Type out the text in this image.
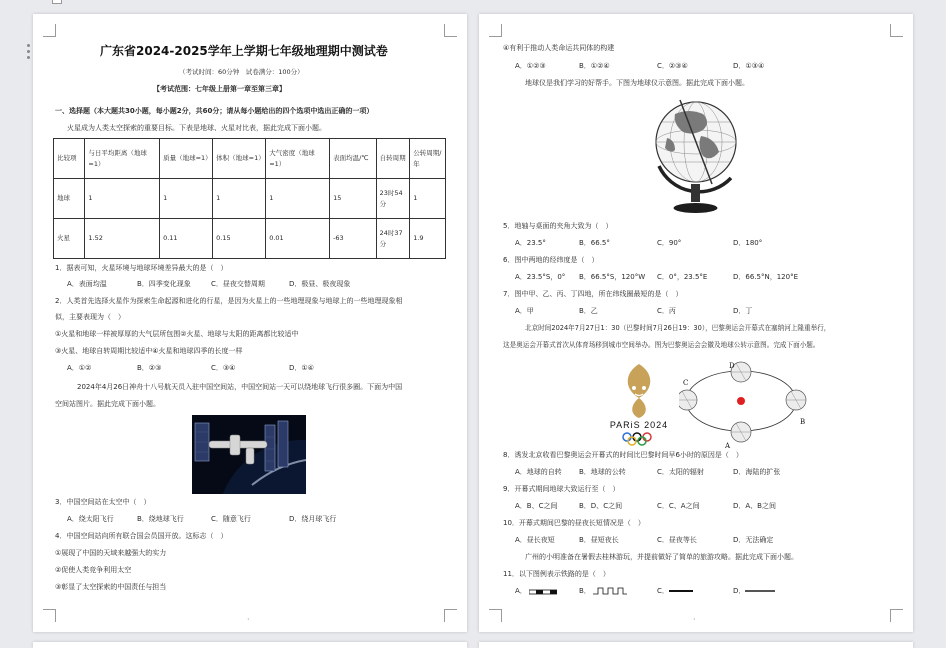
广东省2024-2025学年上学期七年级地理期中测试卷
（考试时间：60分钟　试卷满分：100分）
【考试范围：七年级上册第一章至第三章】
一、选择题（本大题共30小题，每小题2分，共60分；请从每小题给出的四个选项中选出正确的一项）
火星成为人类太空探索的重要目标。下表是地球、火星对比表，据此完成下面小题。
比较项	与日平均距离（地球=1）	质量（地球=1）	体积（地球=1）	大气密度（地球=1）	表面均温/℃	自转周期	公转周期/年
地球	1	1	1	1	15	23时54分	1
火星	1.52	0.11	0.15	0.01	-63	24时37分	1.9
1．据表可知，火星环境与地球环境差异最大的是（　）
A．表面均温	B．四季变化现象	C．昼夜交替周期	D．极昼、极夜现象
2．人类首先选择火星作为探索生命起源和进化的行星，是因为火星上的一些地理现象与地球上的一些地理现象相
似，主要表现为（　）
①火星和地球一样被厚厚的大气层所包围②火星、地球与太阳的距离都比较适中
③火星、地球自转周期比较适中④火星和地球四季的长度一样
A．①②	B．②③	C．③④	D．①④
2024年4月26日神舟十八号航天员入驻中国空间站，中国空间站一天可以绕地球飞行很多圈。下面为中国
空间站图片。据此完成下面小题。
3．中国空间站在太空中（　）
A．绕太阳飞行	B．绕地球飞行	C．随意飞行	D．绕月球飞行
4．中国空间站向所有联合国会员国开放。这标志（　）
①展现了中国的天域来越强大的实力
②促使人类竞争利用太空
③彰显了太空探索的中国责任与担当
·
④有利于推动人类命运共同体的构建
A．①②③	B．①②④	C．②③④	D．①③④
地球仪是我们学习的好帮手。下图为地球仪示意图。据此完成下面小题。
5．地轴与桌面的夹角大致为（　）
A．23.5°	B．66.5°	C．90°	D．180°
6．图中两地的经纬度是（　）
A．23.5°S，0° B．66.5°S，120°W C．0°，23.5°E	D．66.5°N，120°E
7．图中甲、乙、丙、丁四地，所在纬线圈最短的是（　）
A．甲	B．乙	C．丙	D．丁
北京时间2024年7月27日1：30（巴黎时间7月26日19：30），巴黎奥运会开幕式在塞纳河上隆重举行，
这是奥运会开幕式首次从体育场移到城市空间举办。图为巴黎奥运会会徽及地球公转示意图。完成下面小题。
PARiS 2024
D
C
B
A
8．诱发北京收看巴黎奥运会开幕式的时间比巴黎时间早6小时的原因是（　）
A．地球的自转 B．地球的公转	C．太阳的辐射	D．海陆的扩张
9．开幕式期间地球大致运行至（　）
A．B、C之间	B．D、C之间	C．C、A之间	D．A、B之间
10．开幕式期间巴黎的昼夜长短情况是（　）
A．昼长夜短	B．昼短夜长	C．昼夜等长	D．无法确定
广州的小明准备在暑假去桂林游玩，并提前做好了简单的旅游攻略。据此完成下面小题。
11．以下图例表示铁路的是（　）
A．	B．	C．	D．
·
